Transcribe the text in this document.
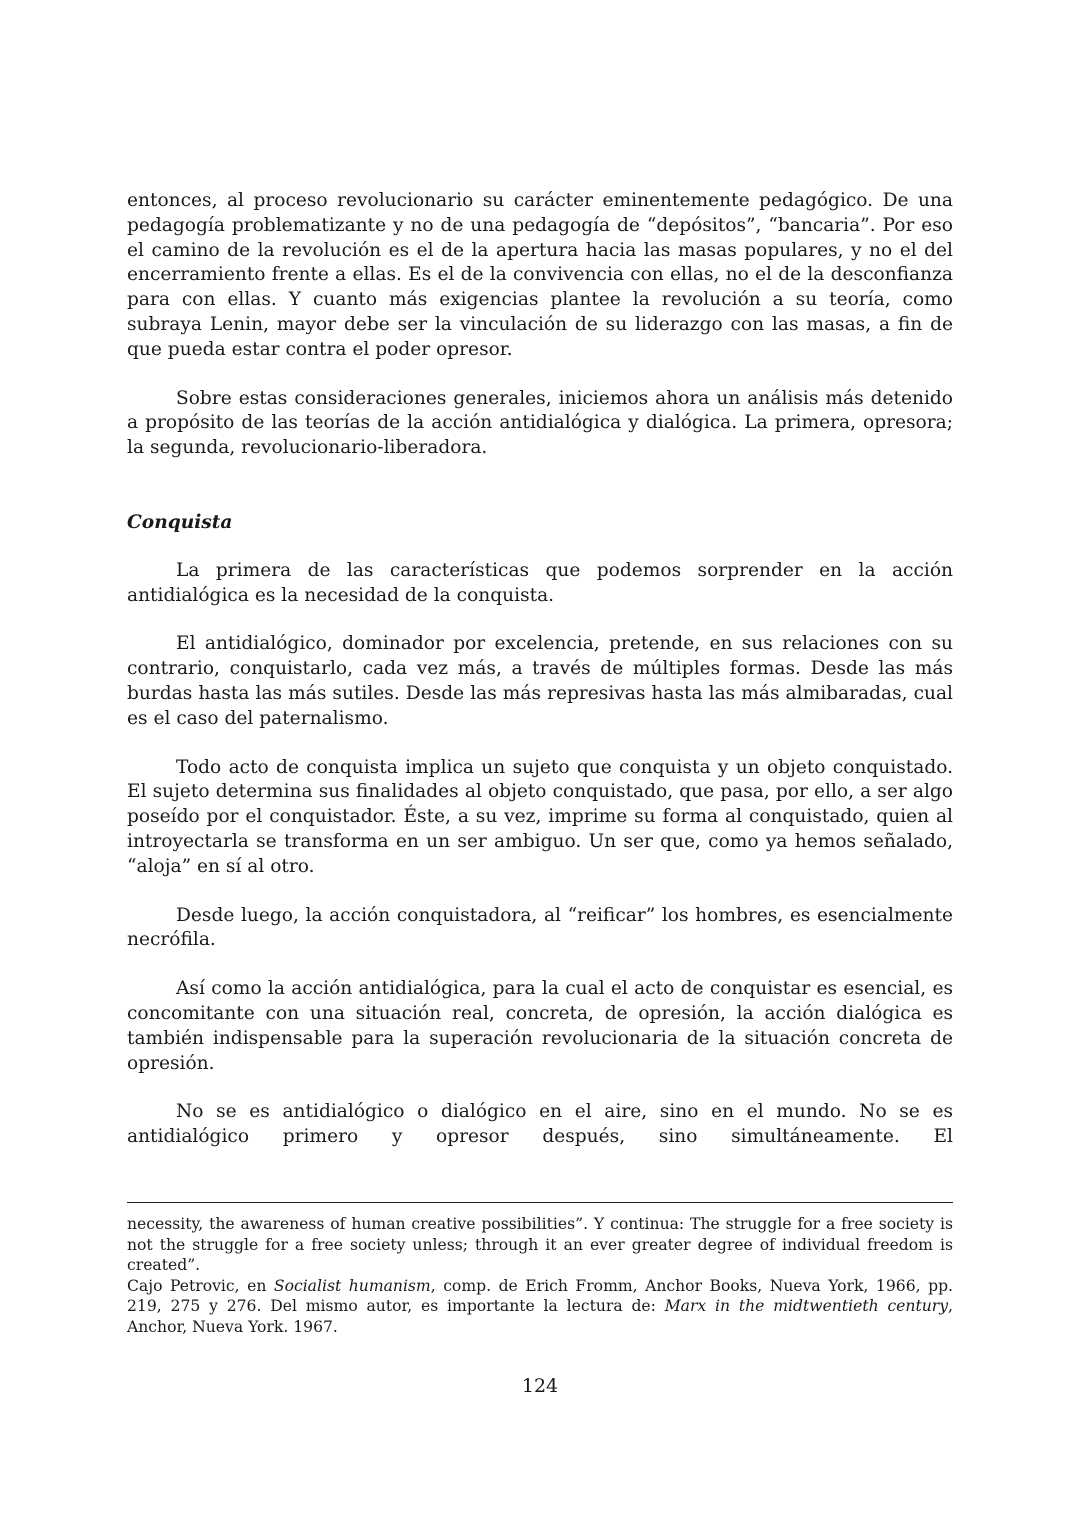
entonces, al proceso revolucionario su carácter eminentemente pedagógico. De una pedagogía problematizante y no de una pedagogía de “depósitos”, “bancaria”. Por eso el camino de la revolución es el de la apertura hacia las masas populares, y no el del encerramiento frente a ellas. Es el de la convivencia con ellas, no el de la desconfianza para con ellas. Y cuanto más exigencias plantee la revolución a su teoría, como subraya Lenin, mayor debe ser la vinculación de su liderazgo con las masas, a fin de que pueda estar contra el poder opresor.

Sobre estas consideraciones generales, iniciemos ahora un análisis más detenido a propósito de las teorías de la acción antidialógica y dialógica. La primera, opresora; la segunda, revolucionario-liberadora.

Conquista

La primera de las características que podemos sorprender en la acción antidialógica es la necesidad de la conquista.

El antidialógico, dominador por excelencia, pretende, en sus relaciones con su contrario, conquistarlo, cada vez más, a través de múltiples formas. Desde las más burdas hasta las más sutiles. Desde las más represivas hasta las más almibaradas, cual es el caso del paternalismo.

Todo acto de conquista implica un sujeto que conquista y un objeto conquistado. El sujeto determina sus finalidades al objeto conquistado, que pasa, por ello, a ser algo poseído por el conquistador. Éste, a su vez, imprime su forma al conquistado, quien al introyectarla se transforma en un ser ambiguo. Un ser que, como ya hemos señalado, “aloja” en sí al otro.

Desde luego, la acción conquistadora, al “reificar” los hombres, es esencialmente necrófila.

Así como la acción antidialógica, para la cual el acto de conquistar es esencial, es concomitante con una situación real, concreta, de opresión, la acción dialógica es también indispensable para la superación revolucionaria de la situación concreta de opresión.

No se es antidialógico o dialógico en el aire, sino en el mundo. No se es antidialógico primero y opresor después, sino simultáneamente. El

necessity, the awareness of human creative possibilities”. Y continua: The struggle for a free society is not the struggle for a free society unless; through it an ever greater degree of individual freedom is created”.

Cajo Petrovic, en Socialist humanism, comp. de Erich Fromm, Anchor Books, Nueva York, 1966, pp. 219, 275 y 276. Del mismo autor, es importante la lectura de: Marx in the midtwentieth century, Anchor, Nueva York. 1967.

124
